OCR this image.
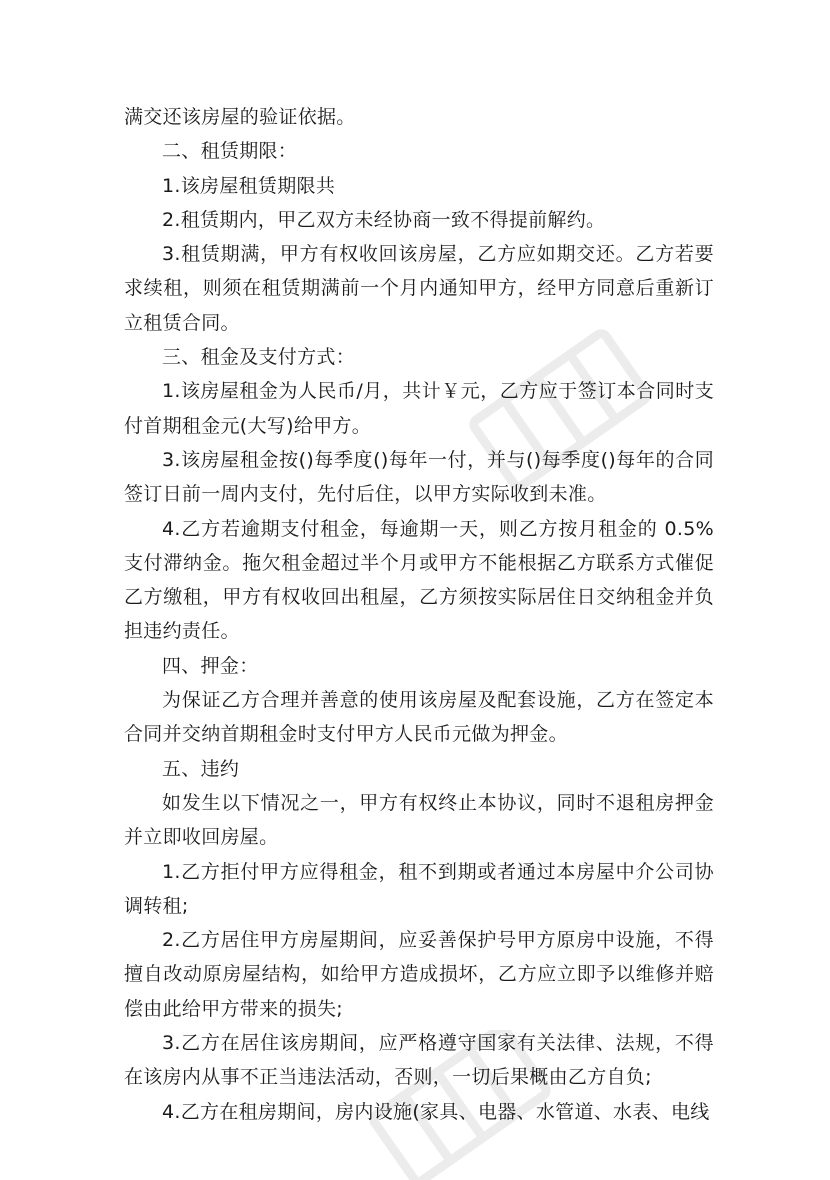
满交还该房屋的验证依据。

二、租赁期限：

1.该房屋租赁期限共

2.租赁期内，甲乙双方未经协商一致不得提前解约。

3.租赁期满，甲方有权收回该房屋，乙方应如期交还。乙方若要求续租，则须在租赁期满前一个月内通知甲方，经甲方同意后重新订立租赁合同。

三、租金及支付方式：

1.该房屋租金为人民币/月，共计￥元，乙方应于签订本合同时支付首期租金元(大写)给甲方。

3.该房屋租金按()每季度()每年一付，并与()每季度()每年的合同签订日前一周内支付，先付后住，以甲方实际收到未准。

4.乙方若逾期支付租金，每逾期一天，则乙方按月租金的 0.5%支付滞纳金。拖欠租金超过半个月或甲方不能根据乙方联系方式催促乙方缴租，甲方有权收回出租屋，乙方须按实际居住日交纳租金并负担违约责任。

四、押金：

为保证乙方合理并善意的使用该房屋及配套设施，乙方在签定本合同并交纳首期租金时支付甲方人民币元做为押金。

五、违约

如发生以下情况之一，甲方有权终止本协议，同时不退租房押金并立即收回房屋。

1.乙方拒付甲方应得租金，租不到期或者通过本房屋中介公司协调转租;

2.乙方居住甲方房屋期间，应妥善保护号甲方原房中设施，不得擅自改动原房屋结构，如给甲方造成损坏，乙方应立即予以维修并赔偿由此给甲方带来的损失;

3.乙方在居住该房期间，应严格遵守国家有关法律、法规，不得在该房内从事不正当违法活动，否则，一切后果概由乙方自负;

4.乙方在租房期间，房内设施(家具、电器、水管道、水表、电线
